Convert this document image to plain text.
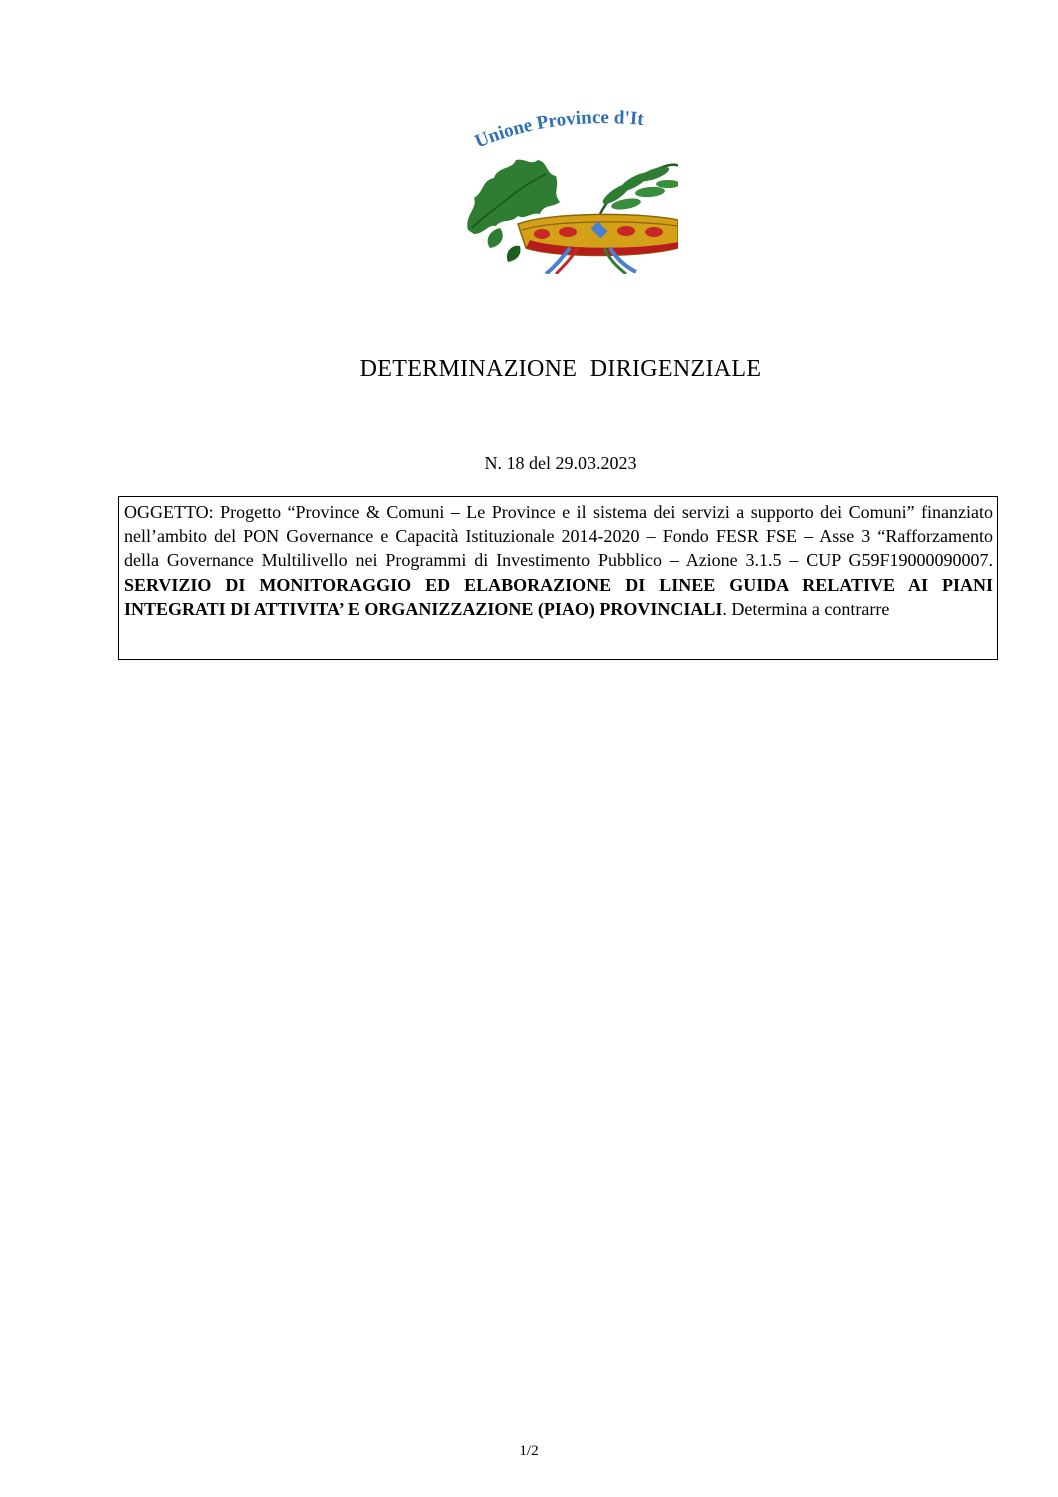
Unione Province d'It
DETERMINAZIONE  DIRIGENZIALE
N. 18 del 29.03.2023
OGGETTO: Progetto “Province & Comuni – Le Province e il sistema dei servizi a supporto dei Comuni” finanziato nell’ambito del PON Governance e Capacità Istituzionale 2014-2020 – Fondo FESR FSE – Asse 3 “Rafforzamento della Governance Multilivello nei Programmi di Investimento Pubblico – Azione 3.1.5 – CUP G59F19000090007. SERVIZIO DI MONITORAGGIO ED ELABORAZIONE DI LINEE GUIDA RELATIVE AI PIANI INTEGRATI DI ATTIVITA’ E ORGANIZZAZIONE (PIAO) PROVINCIALI. Determina a contrarre
1/2
